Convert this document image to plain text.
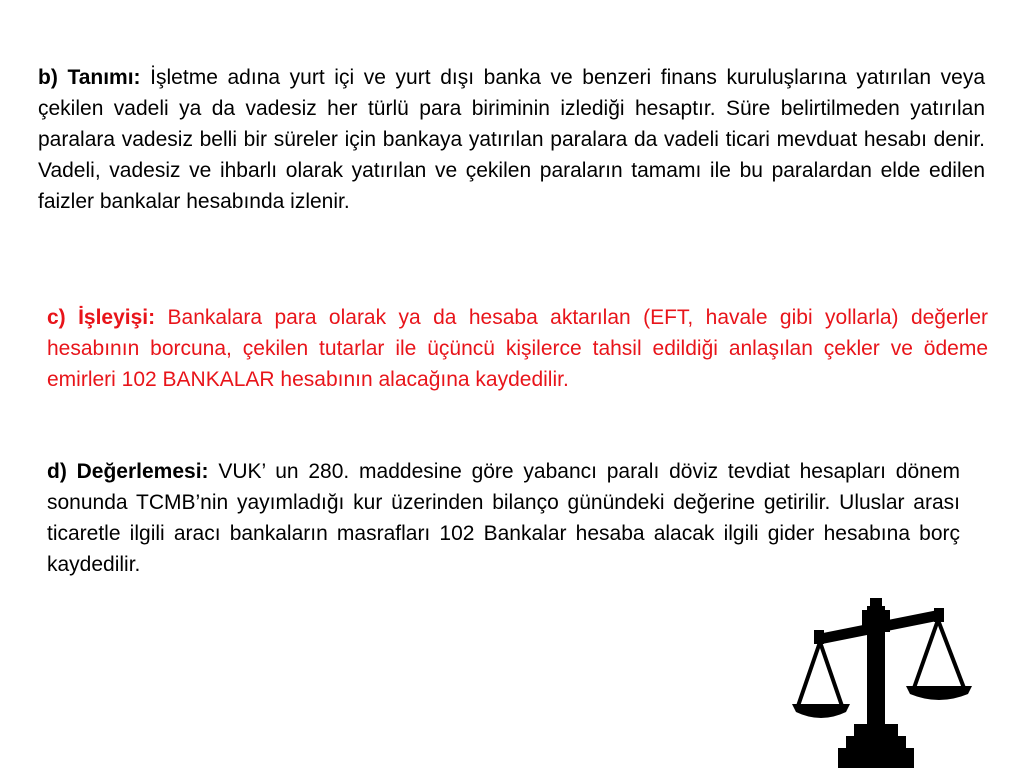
b) Tanımı: İşletme adına yurt içi ve yurt dışı banka ve benzeri finans kuruluşlarına yatırılan veya çekilen vadeli ya da vadesiz her türlü para biriminin izlediği hesaptır. Süre belirtilmeden yatırılan paralara vadesiz belli bir süreler için bankaya yatırılan paralara da vadeli ticari mevduat hesabı denir. Vadeli, vadesiz ve ihbarlı olarak yatırılan ve çekilen paraların tamamı ile bu paralardan elde edilen faizler bankalar hesabında izlenir.

c) İşleyişi: Bankalara para olarak ya da hesaba aktarılan (EFT, havale gibi yollarla) değerler hesabının borcuna, çekilen tutarlar ile üçüncü kişilerce tahsil edildiği anlaşılan çekler ve ödeme emirleri 102 BANKALAR hesabının alacağına kaydedilir.

d) Değerlemesi: VUK’ un 280. maddesine göre yabancı paralı döviz tevdiat hesapları dönem sonunda TCMB’nin yayımladığı kur üzerinden bilanço günündeki değerine getirilir. Uluslar arası ticaretle ilgili aracı bankaların masrafları 102 Bankalar hesaba alacak ilgili gider hesabına borç kaydedilir.
